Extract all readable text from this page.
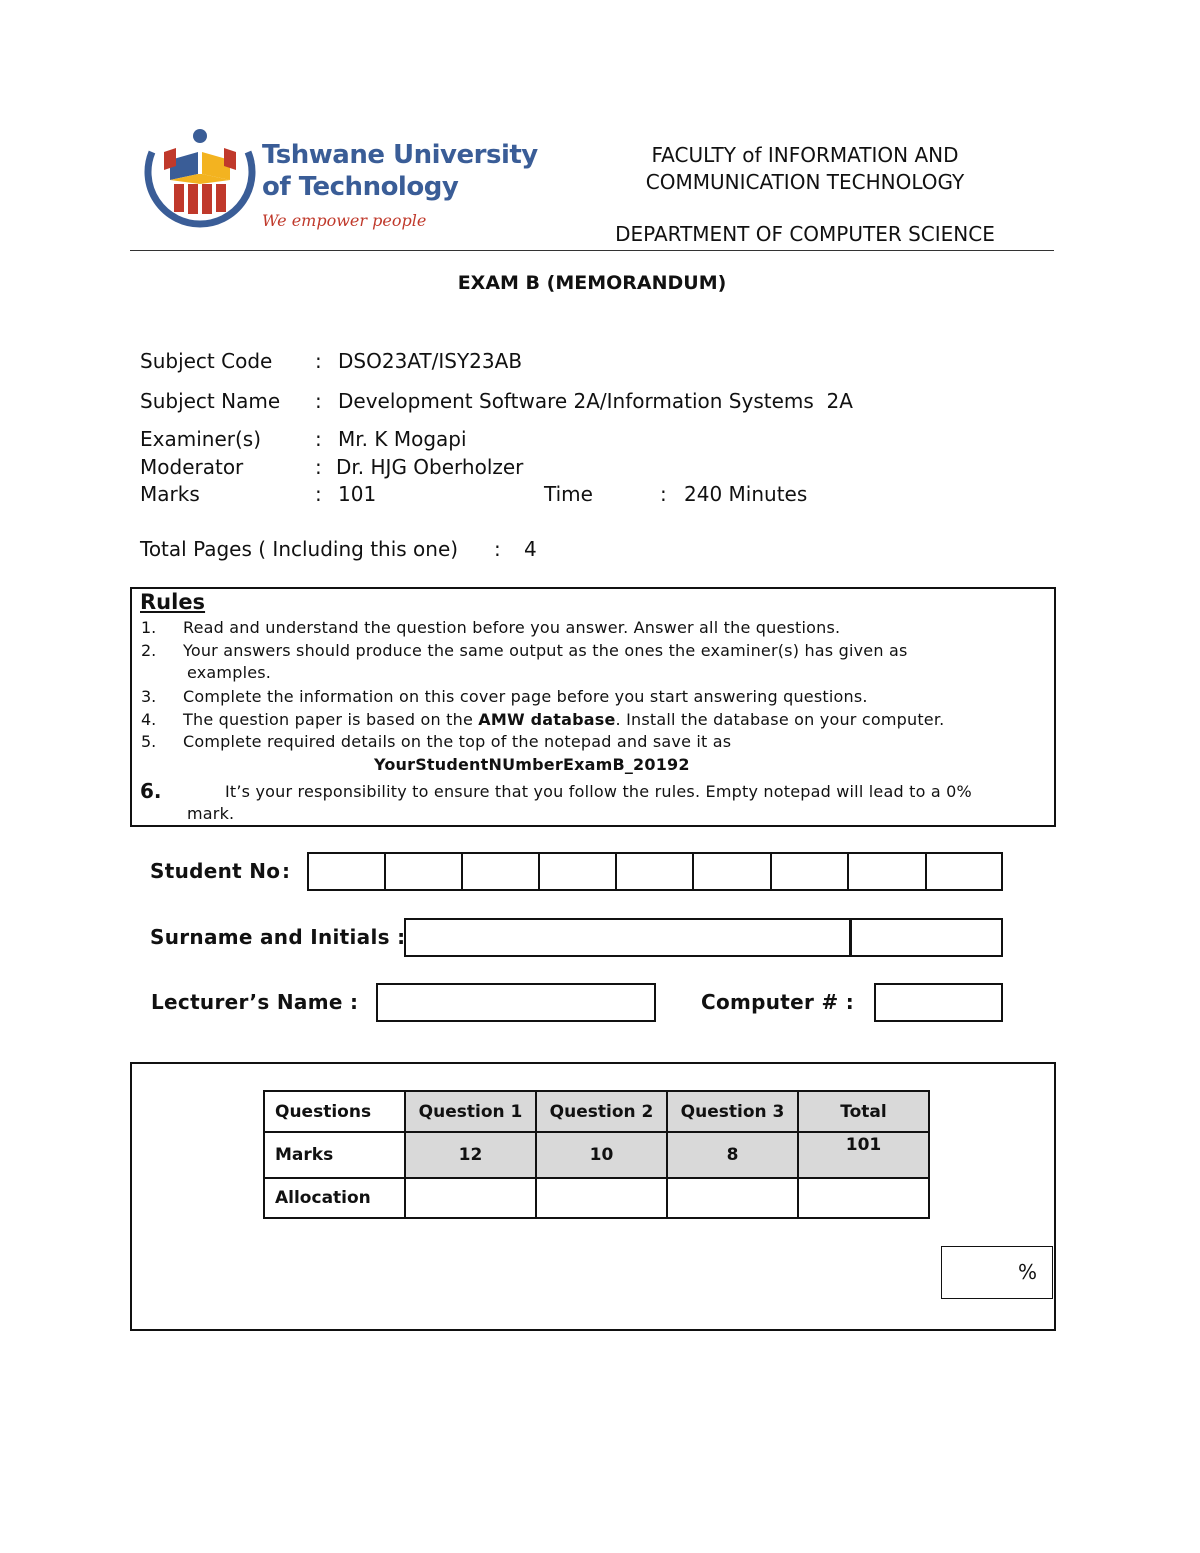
Tshwane University
of Technology
We empower people
FACULTY of INFORMATION AND
COMMUNICATION TECHNOLOGY
DEPARTMENT OF COMPUTER SCIENCE
EXAM B (MEMORANDUM)
Subject Code : DSO23AT/ISY23AB
Subject Name : Development Software 2A/Information Systems  2A
Examiner(s)	: Mr. K Mogapi
Moderator	: Dr. HJG Oberholzer
Marks	: 101	Time	: 240 Minutes
Total Pages ( Including this one) : 4
Rules
1. Read and understand the question before you answer. Answer all the questions.
2. Your answers should produce the same output as the ones the examiner(s) has given as
examples.
3. Complete the information on this cover page before you start answering questions.
4. The question paper is based on the AMW database. Install the database on your computer.
5. Complete required details on the top of the notepad and save it as
YourStudentNUmberExamB_20192
6.	It’s your responsibility to ensure that you follow the rules. Empty notepad will lead to a 0%
mark.
Student No :
Surname and Initials :
Lecturer’s Name :	Computer # :
Questions	Question 1	Question 2	Question 3	Total
Marks	12	10	8	101
Allocation				
%
